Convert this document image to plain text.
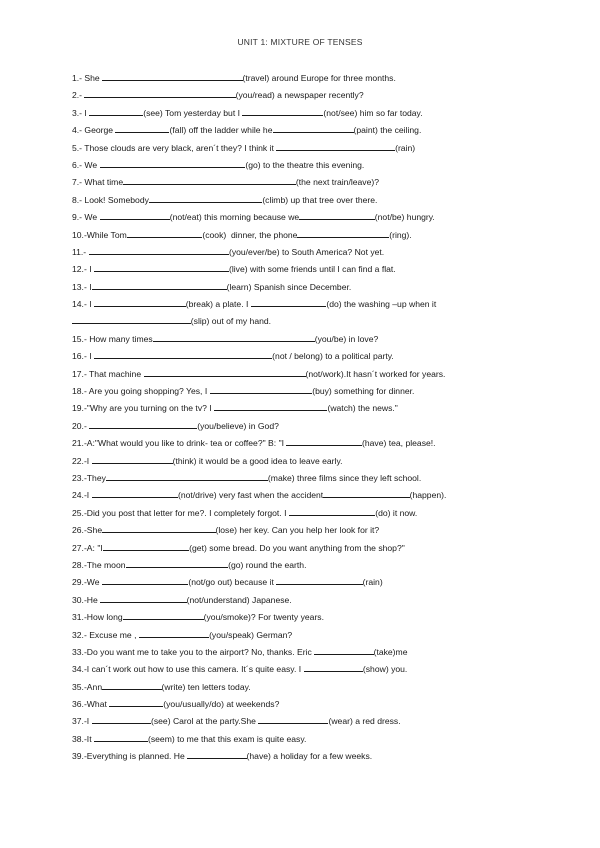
UNIT 1: MIXTURE OF TENSES
1.- She	(travel) around Europe for three months.
2.-	(you/read) a newspaper recently?
3.- I	(see) Tom yesterday but I	(not/see) him so far today.
4.- George	(fall) off the ladder while he	(paint) the ceiling.
5.- Those clouds are very black, aren´t they? I think it	(rain)
6.- We	(go) to the theatre this evening.
7.- What time	(the next train/leave)?
8.- Look! Somebody	(climb) up that tree over there.
9.- We	(not/eat) this morning because we	(not/be) hungry.
10.-While Tom	(cook)  dinner, the phone	(ring).
11.-	(you/ever/be) to South America? Not yet.
12.- I	(live) with some friends until I can find a flat.
13.- I	(learn) Spanish since December.
14.- I	(break) a plate. I	(do) the washing –up when it
(slip) out of my hand.
15.- How many times	(you/be) in love?
16.- I	(not / belong) to a political party.
17.- That machine	(not/work).It hasn´t worked for years.
18.- Are you going shopping? Yes, I	(buy) something for dinner.
19.-"Why are you turning on the tv? I	(watch) the news."
20.-	(you/believe) in God?
21.-A:"What would you like to drink- tea or coffee?" B: "I	(have) tea, please!.
22.-I	(think) it would be a good idea to leave early.
23.-They	(make) three films since they left school.
24.-I	(not/drive) very fast when the accident	(happen).
25.-Did you post that letter for me?. I completely forgot. I	(do) it now.
26.-She	(lose) her key. Can you help her look for it?
27.-A: "I	(get) some bread. Do you want anything from the shop?"
28.-The moon	(go) round the earth.
29.-We	(not/go out) because it	(rain)
30.-He	(not/understand) Japanese.
31.-How long	(you/smoke)? For twenty years.
32.- Excuse me ,	(you/speak) German?
33.-Do you want me to take you to the airport? No, thanks. Eric	(take)me
34.-I can´t work out how to use this camera. It´s quite easy. I	(show) you.
35.-Ann	(write) ten letters today.
36.-What	(you/usually/do) at weekends?
37.-I	(see) Carol at the party.She	(wear) a red dress.
38.-It	(seem) to me that this exam is quite easy.
39.-Everything is planned. He	(have) a holiday for a few weeks.
